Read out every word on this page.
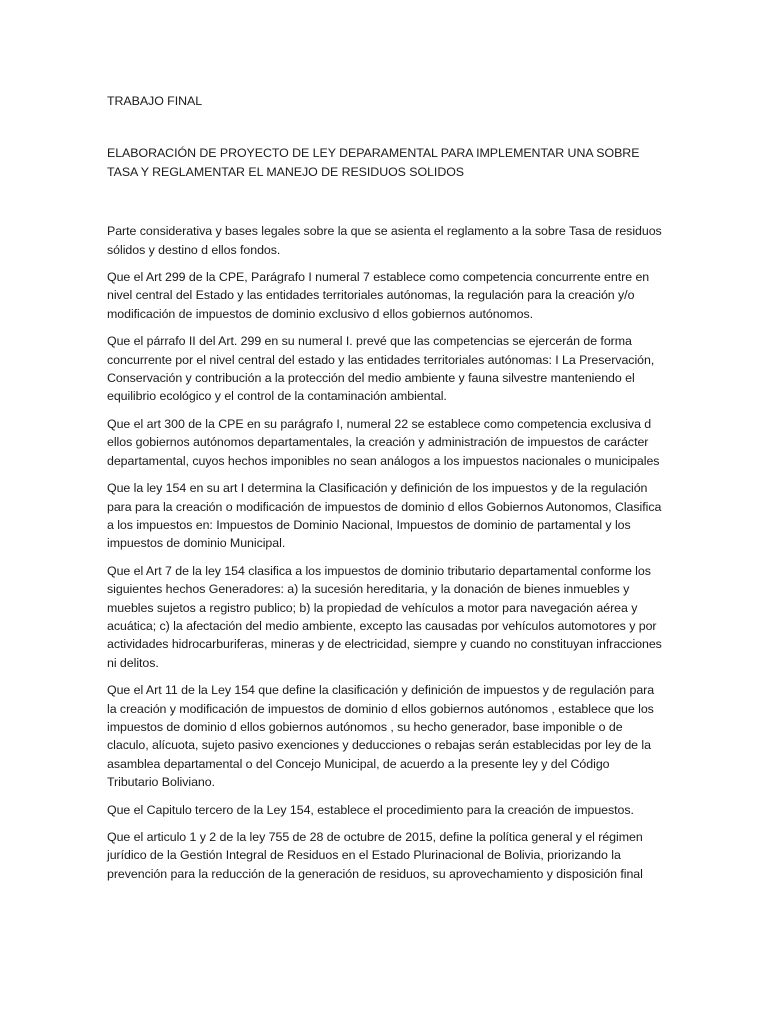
TRABAJO FINAL

ELABORACIÓN DE PROYECTO DE LEY DEPARAMENTAL PARA IMPLEMENTAR UNA SOBRE TASA Y REGLAMENTAR EL MANEJO DE RESIDUOS SOLIDOS

Parte considerativa y bases legales sobre la que se asienta el reglamento a la sobre Tasa de residuos sólidos y destino d ellos fondos.

Que el Art 299 de la CPE, Parágrafo I numeral 7 establece como competencia concurrente entre en nivel central del Estado y las entidades territoriales autónomas, la regulación para la creación y/o modificación de impuestos de dominio exclusivo d ellos gobiernos autónomos.

Que el párrafo II del Art. 299 en su numeral I. prevé que las competencias se ejercerán de forma concurrente por el nivel central del estado y las entidades territoriales autónomas: I La Preservación, Conservación y contribución a la protección del medio ambiente y fauna silvestre manteniendo el equilibrio ecológico y el control de la contaminación ambiental.

Que el art 300 de la CPE en su parágrafo I, numeral 22 se establece como competencia exclusiva d ellos gobiernos autónomos departamentales, la creación y administración de impuestos de carácter departamental, cuyos hechos imponibles no sean análogos a los impuestos nacionales o municipales

Que la ley 154 en su art I determina la Clasificación y definición de los impuestos y de la regulación para para la creación o modificación de impuestos de dominio d ellos Gobiernos Autonomos, Clasifica a los impuestos en: Impuestos de Dominio Nacional, Impuestos de dominio de partamental y los impuestos de dominio Municipal.

Que el Art 7 de la ley 154 clasifica a los impuestos de dominio tributario departamental conforme los siguientes hechos Generadores: a) la sucesión hereditaria, y la donación de bienes inmuebles y muebles sujetos a registro publico; b) la propiedad de vehículos a motor para navegación aérea y acuática; c) la afectación del medio ambiente, excepto las causadas por vehículos automotores y por actividades hidrocarburiferas, mineras y de electricidad, siempre y cuando no constituyan infracciones ni delitos.

Que el Art 11 de la Ley 154 que define la clasificación y definición de impuestos y de regulación para la creación y modificación de impuestos de dominio d ellos gobiernos autónomos , establece que los impuestos de dominio d ellos gobiernos autónomos , su hecho generador, base imponible o de claculo, alícuota, sujeto pasivo exenciones y deducciones o rebajas serán establecidas por ley de la asamblea departamental o del Concejo Municipal, de acuerdo a la presente ley y del Código Tributario Boliviano.

Que el Capitulo tercero de la Ley 154, establece el procedimiento para la creación de impuestos.

Que el articulo 1 y 2 de la ley 755 de 28 de octubre de 2015, define la política general y el régimen jurídico de la Gestión Integral de Residuos en el Estado Plurinacional de Bolivia, priorizando la prevención para la reducción de la generación de residuos, su aprovechamiento y disposición final
